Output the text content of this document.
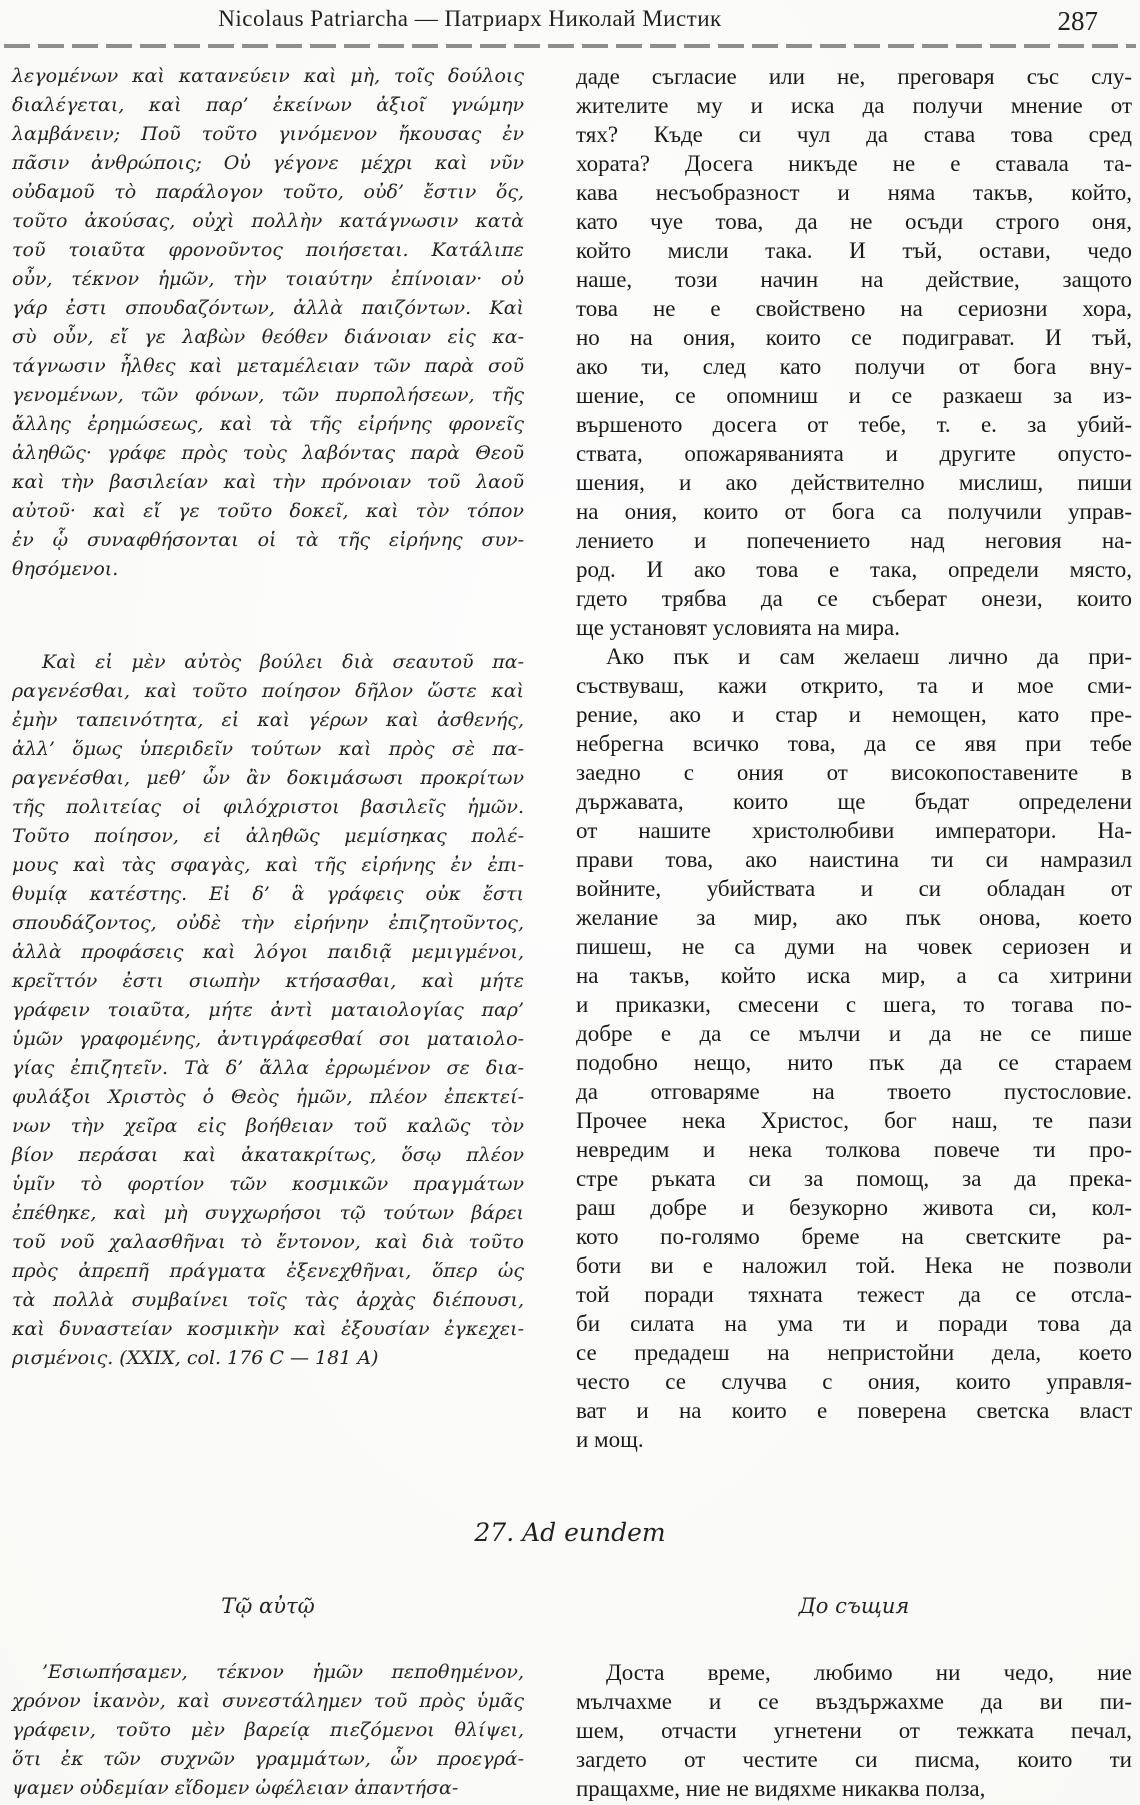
Nicolaus Patriarcha — Патриарх Николай Мистик	287
λεγομένων καὶ κατανεύειν καὶ μὴ, τοῖς δούλοις
διαλέγεται, καὶ παρ’ ἐκείνων ἀξιοῖ γνώμην
λαμβάνειν; Ποῦ τοῦτο γινόμενον ἤκουσας ἐν
πᾶσιν ἀνθρώποις; Οὐ γέγονε μέχρι καὶ νῦν
οὐδαμοῦ τὸ παράλογον τοῦτο, οὐδ’ ἔστιν ὅς,
τοῦτο ἀκούσας, οὐχὶ πολλὴν κατάγνωσιν κατὰ
τοῦ τοιαῦτα φρονοῦντος ποιήσεται. Κατάλιπε
οὖν, τέκνον ἡμῶν, τὴν τοιαύτην ἐπίνοιαν· οὐ
γάρ ἐστι σπουδαζόντων, ἀλλὰ παιζόντων. Καὶ
σὺ οὖν, εἴ γε λαβὼν θεόθεν διάνοιαν εἰς κα-
τάγνωσιν ἦλθες καὶ μεταμέλειαν τῶν παρὰ σοῦ
γενομένων, τῶν φόνων, τῶν πυρπολήσεων, τῆς
ἄλλης ἐρημώσεως, καὶ τὰ τῆς εἰρήνης φρονεῖς
ἀληθῶς· γράφε πρὸς τοὺς λαβόντας παρὰ Θεοῦ
καὶ τὴν βασιλείαν καὶ τὴν πρόνοιαν τοῦ λαοῦ
αὐτοῦ· καὶ εἴ γε τοῦτο δοκεῖ, καὶ τὸν τόπον
ἐν ᾧ συναφθήσονται οἱ τὰ τῆς εἰρήνης συν-
θησόμενοι.
Καὶ εἰ μὲν αὐτὸς βούλει διὰ σεαυτοῦ πα-
ραγενέσθαι, καὶ τοῦτο ποίησον δῆλον ὥστε καὶ
ἐμὴν ταπεινότητα, εἰ καὶ γέρων καὶ ἀσθενής,
ἀλλ’ ὅμως ὑπεριδεῖν τούτων καὶ πρὸς σὲ πα-
ραγενέσθαι, μεθ’ ὧν ἂν δοκιμάσωσι προκρίτων
τῆς πολιτείας οἱ φιλόχριστοι βασιλεῖς ἡμῶν.
Τοῦτο ποίησον, εἰ ἀληθῶς μεμίσηκας πολέ-
μους καὶ τὰς σφαγὰς, καὶ τῆς εἰρήνης ἐν ἐπι-
θυμίᾳ κατέστης. Εἰ δ’ ἃ γράφεις οὐκ ἔστι
σπουδάζοντος, οὐδὲ τὴν εἰρήνην ἐπιζητοῦντος,
ἀλλὰ προφάσεις καὶ λόγοι παιδιᾷ μεμιγμένοι,
κρεῖττόν ἐστι σιωπὴν κτήσασθαι, καὶ μήτε
γράφειν τοιαῦτα, μήτε ἀντὶ ματαιολογίας παρ’
ὑμῶν γραφομένης, ἀντιγράφεσθαί σοι ματαιολο-
γίας ἐπιζητεῖν. Τὰ δ’ ἄλλα ἐρρωμένον σε δια-
φυλάξοι Χριστὸς ὁ Θεὸς ἡμῶν, πλέον ἐπεκτεί-
νων τὴν χεῖρα εἰς βοήθειαν τοῦ καλῶς τὸν
βίον περάσαι καὶ ἀκατακρίτως, ὅσῳ πλέον
ὑμῖν τὸ φορτίον τῶν κοσμικῶν πραγμάτων
ἐπέθηκε, καὶ μὴ συγχωρήσοι τῷ τούτων βάρει
τοῦ νοῦ χαλασθῆναι τὸ ἔντονον, καὶ διὰ τοῦτο
πρὸς ἀπρεπῆ πράγματα ἐξενεχθῆναι, ὅπερ ὡς
τὰ πολλὰ συμβαίνει τοῖς τὰς ἀρχὰς διέπουσι,
καὶ δυναστείαν κοσμικὴν καὶ ἐξουσίαν ἐγκεχει-
ρισμένοις. (XXIX, col. 176 C — 181 A)
даде съгласие или не, преговаря със слу-
жителите му и иска да получи мнение от
тях? Къде си чул да става това сред
хората? Досега никъде не е ставала та-
кава несъобразност и няма такъв, който,
като чуе това, да не осъди строго оня,
който мисли така. И тъй, остави, чедо
наше, този начин на действие, защото
това не е свойствено на сериозни хора,
но на ония, които се подиграват. И тъй,
ако ти, след като получи от бога вну-
шение, се опомниш и се разкаеш за из-
вършеното досега от тебе, т. е. за убий-
ствата, опожаряванията и другите опусто-
шения, и ако действително мислиш, пиши
на ония, които от бога са получили управ-
лението и попечението над неговия на-
род. И ако това е така, определи място,
гдето трябва да се съберат онези, които
ще установят условията на мира.
Ако пък и сам желаеш лично да при-
съствуваш, кажи открито, та и мое сми-
рение, ако и стар и немощен, като пре-
небрегна всичко това, да се явя при тебе
заедно с ония от високопоставените в
държавата, които ще бъдат определени
от нашите христолюбиви императори. На-
прави това, ако наистина ти си намразил
войните, убийствата и си обладан от
желание за мир, ако пък онова, което
пишеш, не са думи на човек сериозен и
на такъв, който иска мир, а са хитрини
и приказки, смесени с шега, то тогава по-
добре е да се мълчи и да не се пише
подобно нещо, нито пък да се стараем
да отговаряме на твоето пустословие.
Прочее нека Христос, бог наш, те пази
невредим и нека толкова повече ти про-
стре ръката си за помощ, за да прека-
раш добре и безукорно живота си, кол-
кото по-голямо бреме на светските ра-
боти ви е наложил той. Нека не позволи
той поради тяхната тежест да се отсла-
би силата на ума ти и поради това да
се предадеш на непристойни дела, което
често се случва с ония, които управля-
ват и на които е поверена светска власт
и мощ.
27. Ad eundem
Τῷ αὐτῷ	До същия
’Εσιωπήσαμεν, τέκνον ἡμῶν πεποθημένον,
χρόνον ἱκανὸν, καὶ συνεστάλημεν τοῦ πρὸς ὑμᾶς
γράφειν, τοῦτο μὲν βαρείᾳ πιεζόμενοι θλίψει,
ὅτι ἐκ τῶν συχνῶν γραμμάτων, ὧν προεγρά-
ψαμεν οὐδεμίαν εἴδομεν ὠφέλειαν ἀπαντήσα-
Доста време, любимо ни чедо, ние
мълчахме и се въздържахме да ви пи-
шем, отчасти угнетени от тежката печал,
загдето от честите си писма, които ти
пращахме, ние не видяхме никаква полза,
